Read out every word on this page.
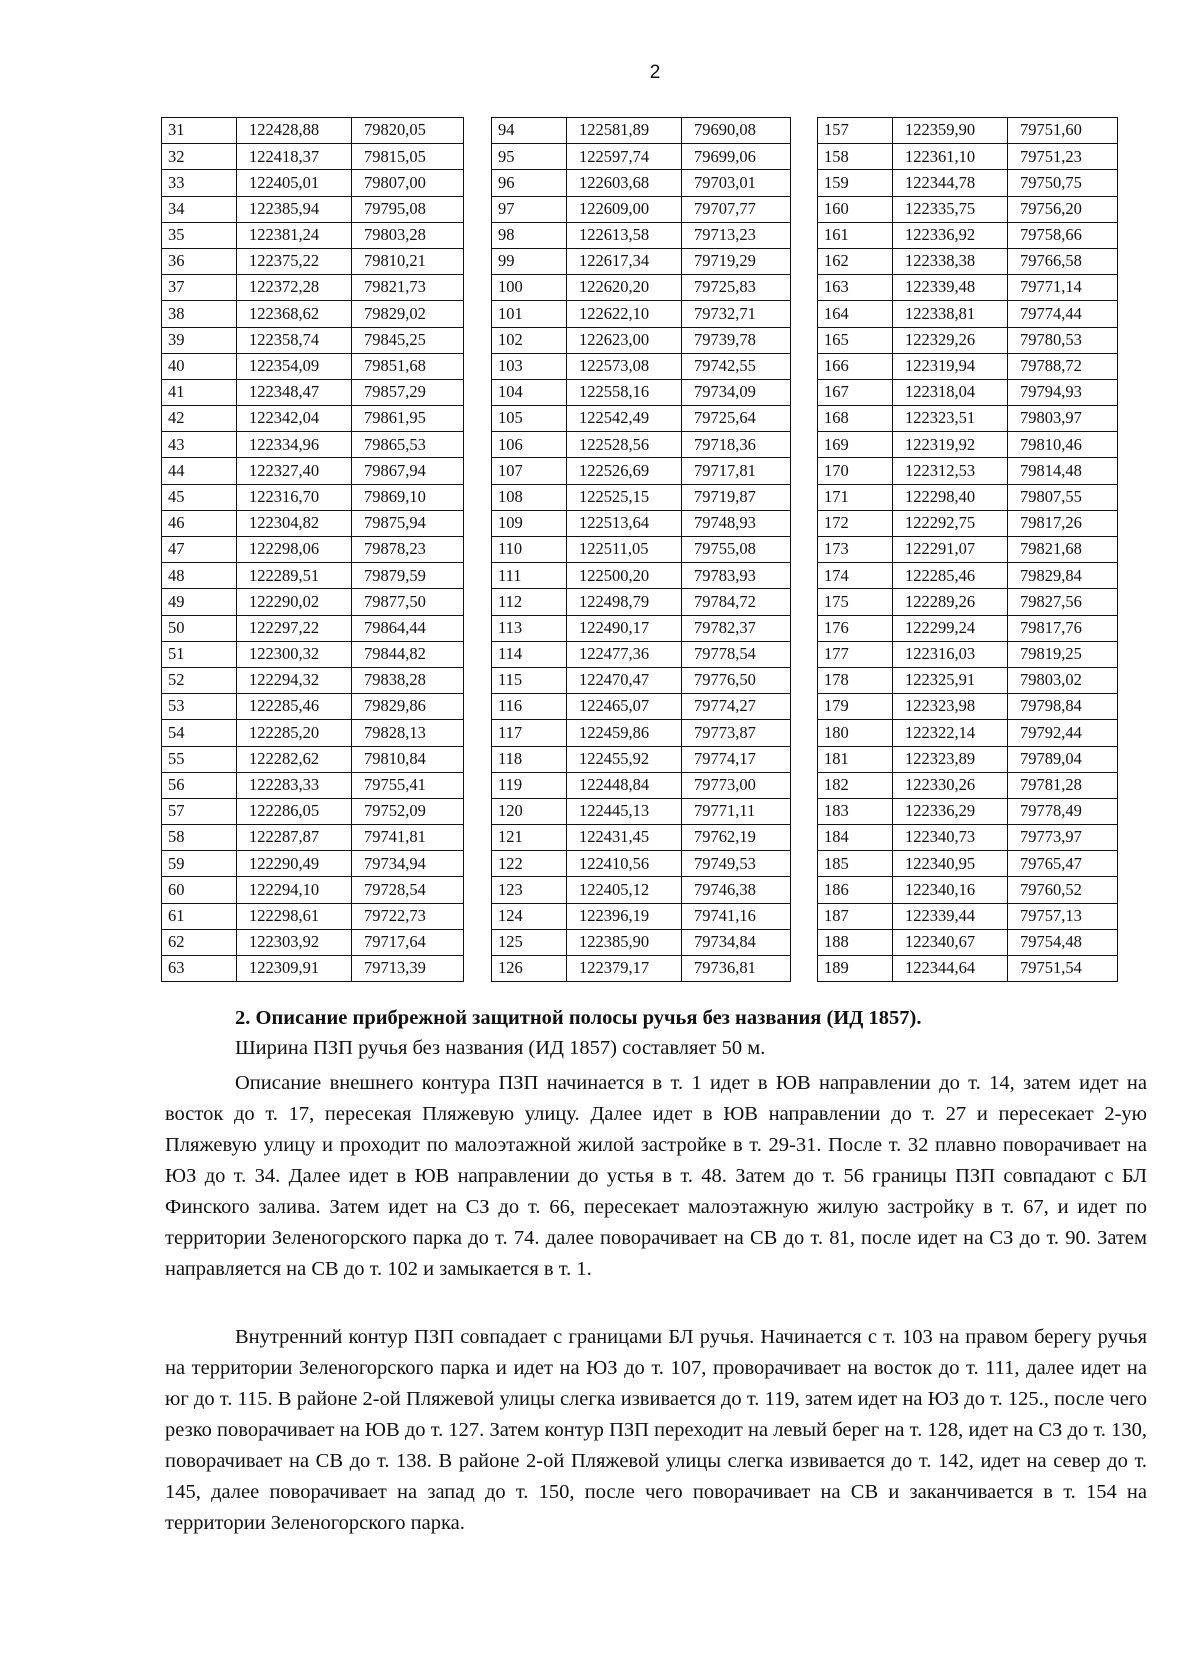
2
31	122428,88	79820,05
32	122418,37	79815,05
33	122405,01	79807,00
34	122385,94	79795,08
35	122381,24	79803,28
36	122375,22	79810,21
37	122372,28	79821,73
38	122368,62	79829,02
39	122358,74	79845,25
40	122354,09	79851,68
41	122348,47	79857,29
42	122342,04	79861,95
43	122334,96	79865,53
44	122327,40	79867,94
45	122316,70	79869,10
46	122304,82	79875,94
47	122298,06	79878,23
48	122289,51	79879,59
49	122290,02	79877,50
50	122297,22	79864,44
51	122300,32	79844,82
52	122294,32	79838,28
53	122285,46	79829,86
54	122285,20	79828,13
55	122282,62	79810,84
56	122283,33	79755,41
57	122286,05	79752,09
58	122287,87	79741,81
59	122290,49	79734,94
60	122294,10	79728,54
61	122298,61	79722,73
62	122303,92	79717,64
63	122309,91	79713,39
94	122581,89	79690,08
95	122597,74	79699,06
96	122603,68	79703,01
97	122609,00	79707,77
98	122613,58	79713,23
99	122617,34	79719,29
100	122620,20	79725,83
101	122622,10	79732,71
102	122623,00	79739,78
103	122573,08	79742,55
104	122558,16	79734,09
105	122542,49	79725,64
106	122528,56	79718,36
107	122526,69	79717,81
108	122525,15	79719,87
109	122513,64	79748,93
110	122511,05	79755,08
111	122500,20	79783,93
112	122498,79	79784,72
113	122490,17	79782,37
114	122477,36	79778,54
115	122470,47	79776,50
116	122465,07	79774,27
117	122459,86	79773,87
118	122455,92	79774,17
119	122448,84	79773,00
120	122445,13	79771,11
121	122431,45	79762,19
122	122410,56	79749,53
123	122405,12	79746,38
124	122396,19	79741,16
125	122385,90	79734,84
126	122379,17	79736,81
157	122359,90	79751,60
158	122361,10	79751,23
159	122344,78	79750,75
160	122335,75	79756,20
161	122336,92	79758,66
162	122338,38	79766,58
163	122339,48	79771,14
164	122338,81	79774,44
165	122329,26	79780,53
166	122319,94	79788,72
167	122318,04	79794,93
168	122323,51	79803,97
169	122319,92	79810,46
170	122312,53	79814,48
171	122298,40	79807,55
172	122292,75	79817,26
173	122291,07	79821,68
174	122285,46	79829,84
175	122289,26	79827,56
176	122299,24	79817,76
177	122316,03	79819,25
178	122325,91	79803,02
179	122323,98	79798,84
180	122322,14	79792,44
181	122323,89	79789,04
182	122330,26	79781,28
183	122336,29	79778,49
184	122340,73	79773,97
185	122340,95	79765,47
186	122340,16	79760,52
187	122339,44	79757,13
188	122340,67	79754,48
189	122344,64	79751,54
2. Описание прибрежной защитной полосы ручья без названия (ИД 1857).
Ширина ПЗП ручья без названия (ИД 1857) составляет 50 м.

Описание внешнего контура ПЗП начинается в т. 1 идет в ЮВ направлении до т. 14, затем идет на восток до т. 17, пересекая Пляжевую улицу. Далее идет в ЮВ направлении до т. 27 и пересекает 2-ую Пляжевую улицу и проходит по малоэтажной жилой застройке в т. 29-31. После т. 32 плавно поворачивает на ЮЗ до т. 34. Далее идет в ЮВ направлении до устья в т. 48. Затем до т. 56 границы ПЗП совпадают с БЛ Финского залива. Затем идет на СЗ до т. 66, пересекает малоэтажную жилую застройку в т. 67, и идет по территории Зеленогорского парка до т. 74. далее поворачивает на СВ до т. 81, после идет на СЗ до т. 90. Затем направляется на СВ до т. 102 и замыкается в т. 1.

Внутренний контур ПЗП совпадает с границами БЛ ручья. Начинается с т. 103 на правом берегу ручья на территории Зеленогорского парка и идет на ЮЗ до т. 107, проворачивает на восток до т. 111, далее идет на юг до т. 115. В районе 2-ой Пляжевой улицы слегка извивается до т. 119, затем идет на ЮЗ до т. 125., после чего резко поворачивает на ЮВ до т. 127. Затем контур ПЗП переходит на левый берег на т. 128, идет на СЗ до т. 130, поворачивает на СВ до т. 138. В районе 2-ой Пляжевой улицы слегка извивается до т. 142, идет на север до т. 145, далее поворачивает на запад до т. 150, после чего поворачивает на СВ и заканчивается в т. 154 на территории Зеленогорского парка.
